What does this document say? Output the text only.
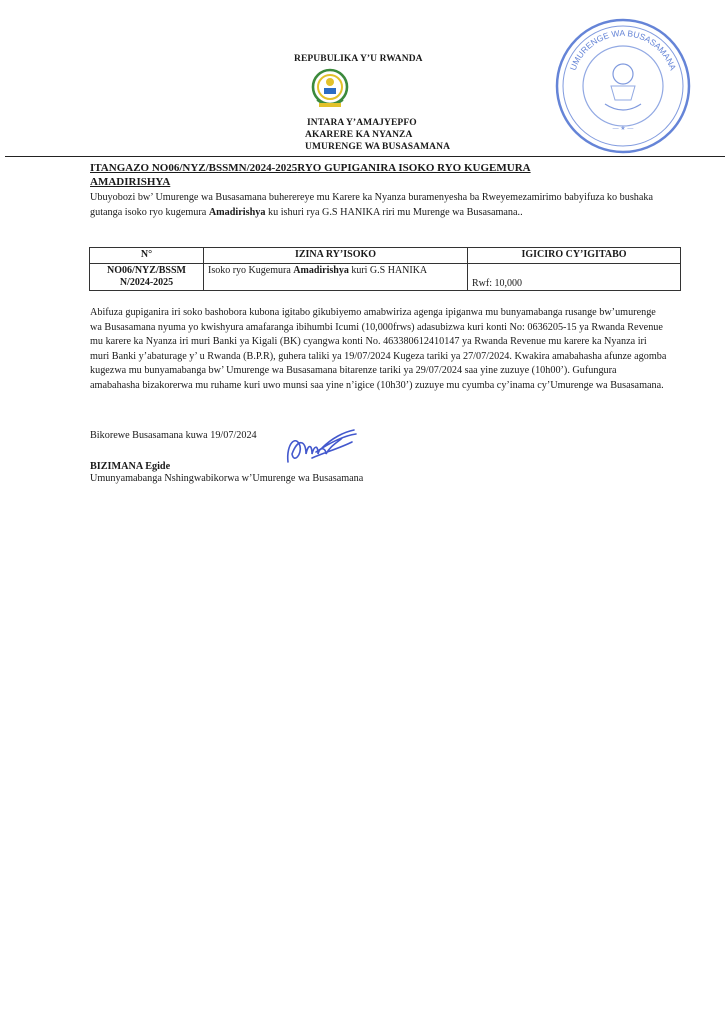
REPUBULIKA Y’U RWANDA
INTARA Y’AMAJYEPFO
AKARERE KA NYANZA
UMURENGE WA BUSASAMANA
UMURENGE WA BUSASAMANA
— ★ —
ITANGAZO NO06/NYZ/BSSMN/2024-2025RYO GUPIGANIRA ISOKO RYO KUGEMURA AMADIRISHYA
Ubuyobozi bw’ Umurenge wa Busasamana buherereye mu Karere ka Nyanza buramenyesha ba Rweyemezamirimo babyifuza ko bushaka gutanga isoko ryo kugemura Amadirishya ku ishuri rya G.S HANIKA riri mu Murenge wa Busasamana..
N°	IZINA RY’ISOKO	IGICIRO CY’IGITABO
NO06/NYZ/BSSM N/2024-2025	Isoko ryo Kugemura Amadirishya kuri G.S HANIKA	Rwf: 10,000
Abifuza gupiganira iri soko bashobora kubona igitabo gikubiyemo amabwiriza agenga ipiganwa mu bunyamabanga rusange bw’umurenge wa Busasamana nyuma yo kwishyura amafaranga ibihumbi Icumi (10,000frws) adasubizwa kuri konti No: 0636205-15 ya Rwanda Revenue mu karere ka Nyanza iri muri Banki ya Kigali (BK) cyangwa konti No. 463380612410147 ya Rwanda Revenue mu karere ka Nyanza iri muri Banki y’abaturage y’ u Rwanda (B.P.R), guhera taliki ya 19/07/2024 Kugeza tariki ya 27/07/2024. Kwakira amabahasha afunze agomba kugezwa mu bunyamabanga bw’ Umurenge wa Busasamana bitarenze tariki ya 29/07/2024 saa yine zuzuye (10h00’). Gufungura amabahasha bizakorerwa mu ruhame kuri uwo munsi saa yine n’igice (10h30’) zuzuye mu cyumba cy’inama cy’Umurenge wa Busasamana.
Bikorewe Busasamana kuwa 19/07/2024
BIZIMANA Egide
Umunyamabanga Nshingwabikorwa w’Umurenge wa Busasamana
